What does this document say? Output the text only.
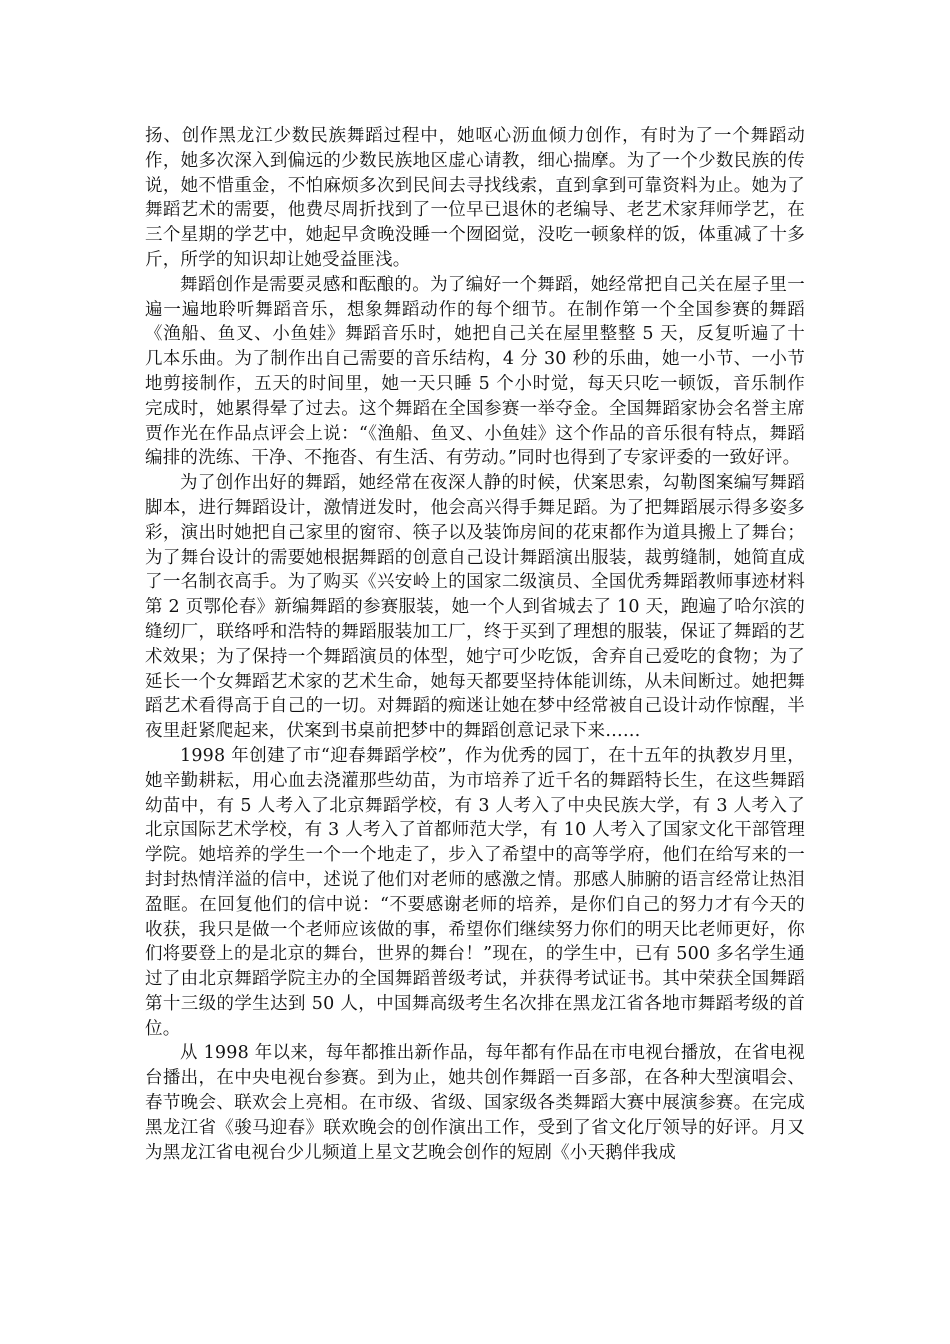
扬、创作黑龙江少数民族舞蹈过程中，她呕心沥血倾力创作，有时为了一个舞蹈动作，她多次深入到偏远的少数民族地区虚心请教，细心揣摩。为了一个少数民族的传说，她不惜重金，不怕麻烦多次到民间去寻找线索，直到拿到可靠资料为止。她为了舞蹈艺术的需要，他费尽周折找到了一位早已退休的老编导、老艺术家拜师学艺，在三个星期的学艺中，她起早贪晚没睡一个囫囵觉，没吃一顿象样的饭，体重减了十多斤，所学的知识却让她受益匪浅。

舞蹈创作是需要灵感和酝酿的。为了编好一个舞蹈，她经常把自己关在屋子里一遍一遍地聆听舞蹈音乐，想象舞蹈动作的每个细节。在制作第一个全国参赛的舞蹈《渔船、鱼叉、小鱼娃》舞蹈音乐时，她把自己关在屋里整整 5 天，反复听遍了十几本乐曲。为了制作出自己需要的音乐结构，4 分 30 秒的乐曲，她一小节、一小节地剪接制作，五天的时间里，她一天只睡 5 个小时觉，每天只吃一顿饭，音乐制作完成时，她累得晕了过去。这个舞蹈在全国参赛一举夺金。全国舞蹈家协会名誉主席贾作光在作品点评会上说：“《渔船、鱼叉、小鱼娃》这个作品的音乐很有特点，舞蹈编排的洗练、干净、不拖沓、有生活、有劳动。”同时也得到了专家评委的一致好评。

为了创作出好的舞蹈，她经常在夜深人静的时候，伏案思索，勾勒图案编写舞蹈脚本，进行舞蹈设计，激情迸发时，他会高兴得手舞足蹈。为了把舞蹈展示得多姿多彩，演出时她把自己家里的窗帘、筷子以及装饰房间的花束都作为道具搬上了舞台；为了舞台设计的需要她根据舞蹈的创意自己设计舞蹈演出服装，裁剪缝制，她简直成了一名制衣高手。为了购买《兴安岭上的国家二级演员、全国优秀舞蹈教师事迹材料第 2 页鄂伦春》新编舞蹈的参赛服装，她一个人到省城去了 10 天，跑遍了哈尔滨的缝纫厂，联络呼和浩特的舞蹈服装加工厂，终于买到了理想的服装，保证了舞蹈的艺术效果；为了保持一个舞蹈演员的体型，她宁可少吃饭，舍弃自己爱吃的食物；为了延长一个女舞蹈艺术家的艺术生命，她每天都要坚持体能训练，从未间断过。她把舞蹈艺术看得高于自己的一切。对舞蹈的痴迷让她在梦中经常被自己设计动作惊醒，半夜里赶紧爬起来，伏案到书桌前把梦中的舞蹈创意记录下来……

1998 年创建了市“迎春舞蹈学校”，作为优秀的园丁，在十五年的执教岁月里，她辛勤耕耘，用心血去浇灌那些幼苗，为市培养了近千名的舞蹈特长生，在这些舞蹈幼苗中，有 5 人考入了北京舞蹈学校，有 3 人考入了中央民族大学，有 3 人考入了北京国际艺术学校，有 3 人考入了首都师范大学，有 10 人考入了国家文化干部管理学院。她培养的学生一个一个地走了，步入了希望中的高等学府，他们在给写来的一封封热情洋溢的信中，述说了他们对老师的感激之情。那感人肺腑的语言经常让热泪盈眶。在回复他们的信中说：“不要感谢老师的培养，是你们自己的努力才有今天的收获，我只是做一个老师应该做的事，希望你们继续努力你们的明天比老师更好，你们将要登上的是北京的舞台，世界的舞台！”现在，的学生中，已有 500 多名学生通过了由北京舞蹈学院主办的全国舞蹈普级考试，并获得考试证书。其中荣获全国舞蹈第十三级的学生达到 50 人，中国舞高级考生名次排在黑龙江省各地市舞蹈考级的首位。

从 1998 年以来，每年都推出新作品，每年都有作品在市电视台播放，在省电视台播出，在中央电视台参赛。到为止，她共创作舞蹈一百多部，在各种大型演唱会、春节晚会、联欢会上亮相。在市级、省级、国家级各类舞蹈大赛中展演参赛。在完成黑龙江省《骏马迎春》联欢晚会的创作演出工作，受到了省文化厅领导的好评。月又为黑龙江省电视台少儿频道上星文艺晚会创作的短剧《小天鹅伴我成
